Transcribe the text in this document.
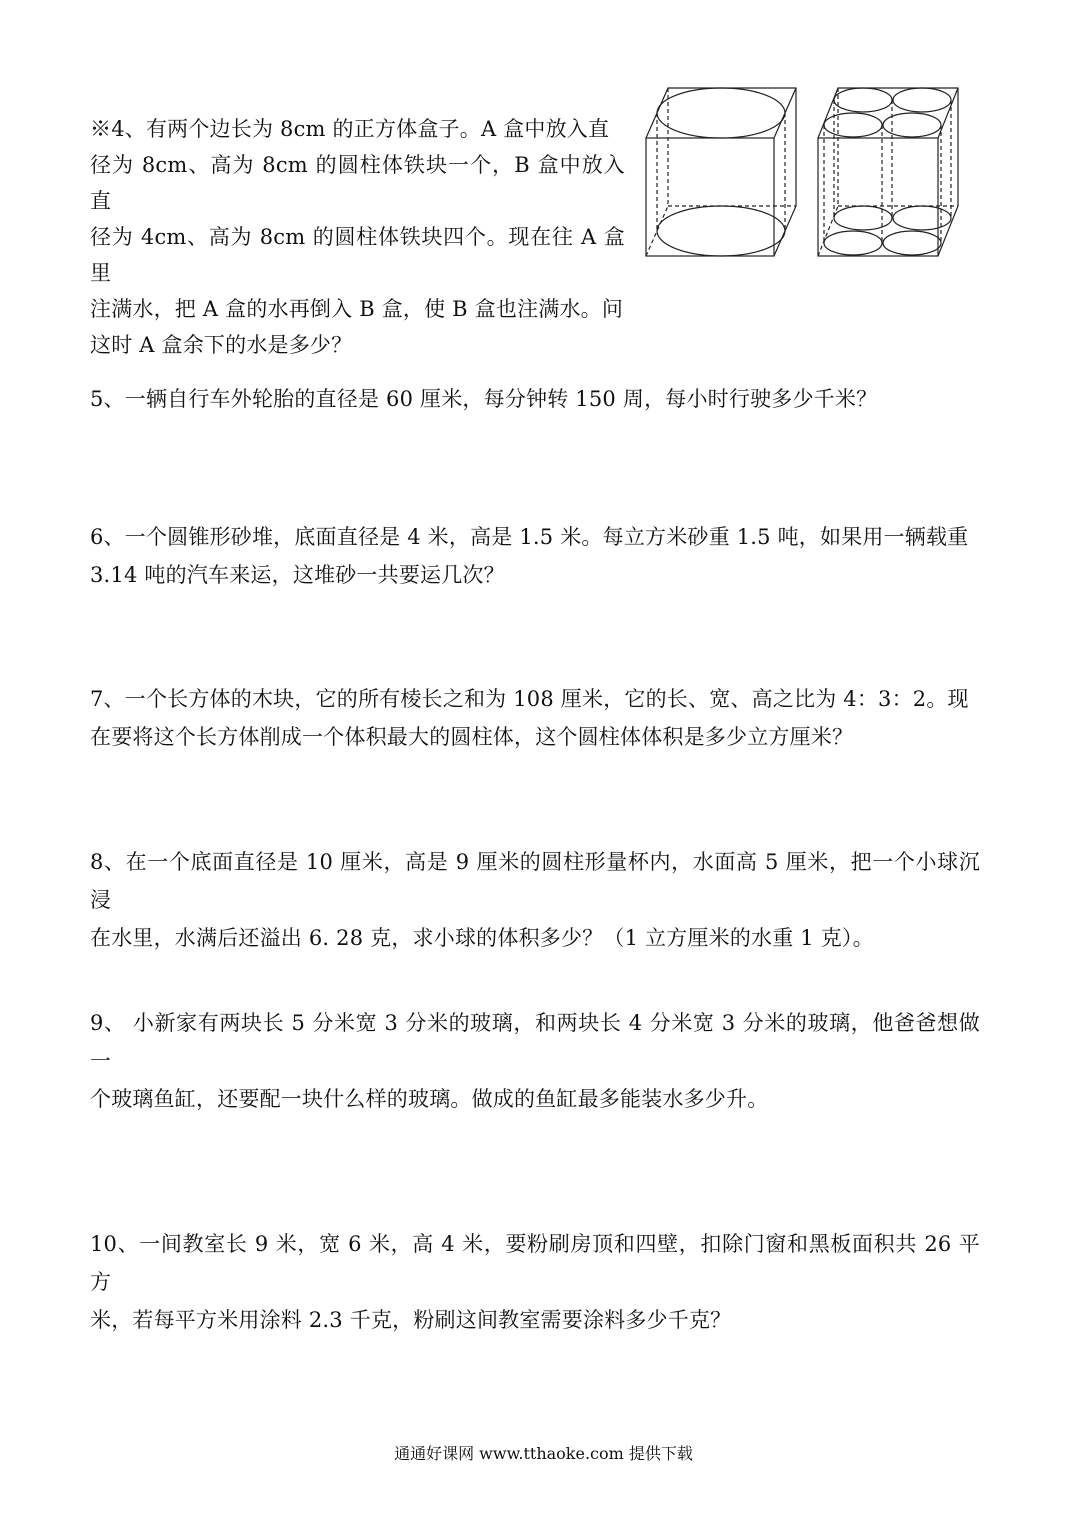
※4、有两个边长为 8cm 的正方体盒子。A 盒中放入直

径为 8cm、高为 8cm 的圆柱体铁块一个，B 盒中放入直

径为 4cm、高为 8cm 的圆柱体铁块四个。现在往 A 盒里

注满水，把 A 盒的水再倒入 B 盒，使 B 盒也注满水。问

这时 A 盒余下的水是多少？

5、一辆自行车外轮胎的直径是 60 厘米，每分钟转 150 周，每小时行驶多少千米？

6、一个圆锥形砂堆，底面直径是 4 米，高是 1.5 米。每立方米砂重 1.5 吨，如果用一辆载重

3.14 吨的汽车来运，这堆砂一共要运几次？

7、一个长方体的木块，它的所有棱长之和为 108 厘米，它的长、宽、高之比为 4：3：2。现

在要将这个长方体削成一个体积最大的圆柱体，这个圆柱体体积是多少立方厘米？

8、在一个底面直径是 10 厘米，高是 9 厘米的圆柱形量杯内，水面高 5 厘米，把一个小球沉浸

在水里，水满后还溢出 6. 28 克，求小球的体积多少？（1 立方厘米的水重 1 克）。

9、 小新家有两块长 5 分米宽 3 分米的玻璃，和两块长 4 分米宽 3 分米的玻璃，他爸爸想做一

个玻璃鱼缸，还要配一块什么样的玻璃。做成的鱼缸最多能装水多少升。

10、一间教室长 9 米，宽 6 米，高 4 米，要粉刷房顶和四壁，扣除门窗和黑板面积共 26 平方

米，若每平方米用涂料 2.3 千克，粉刷这间教室需要涂料多少千克？

通通好课网 www.tthaoke.com 提供下载
